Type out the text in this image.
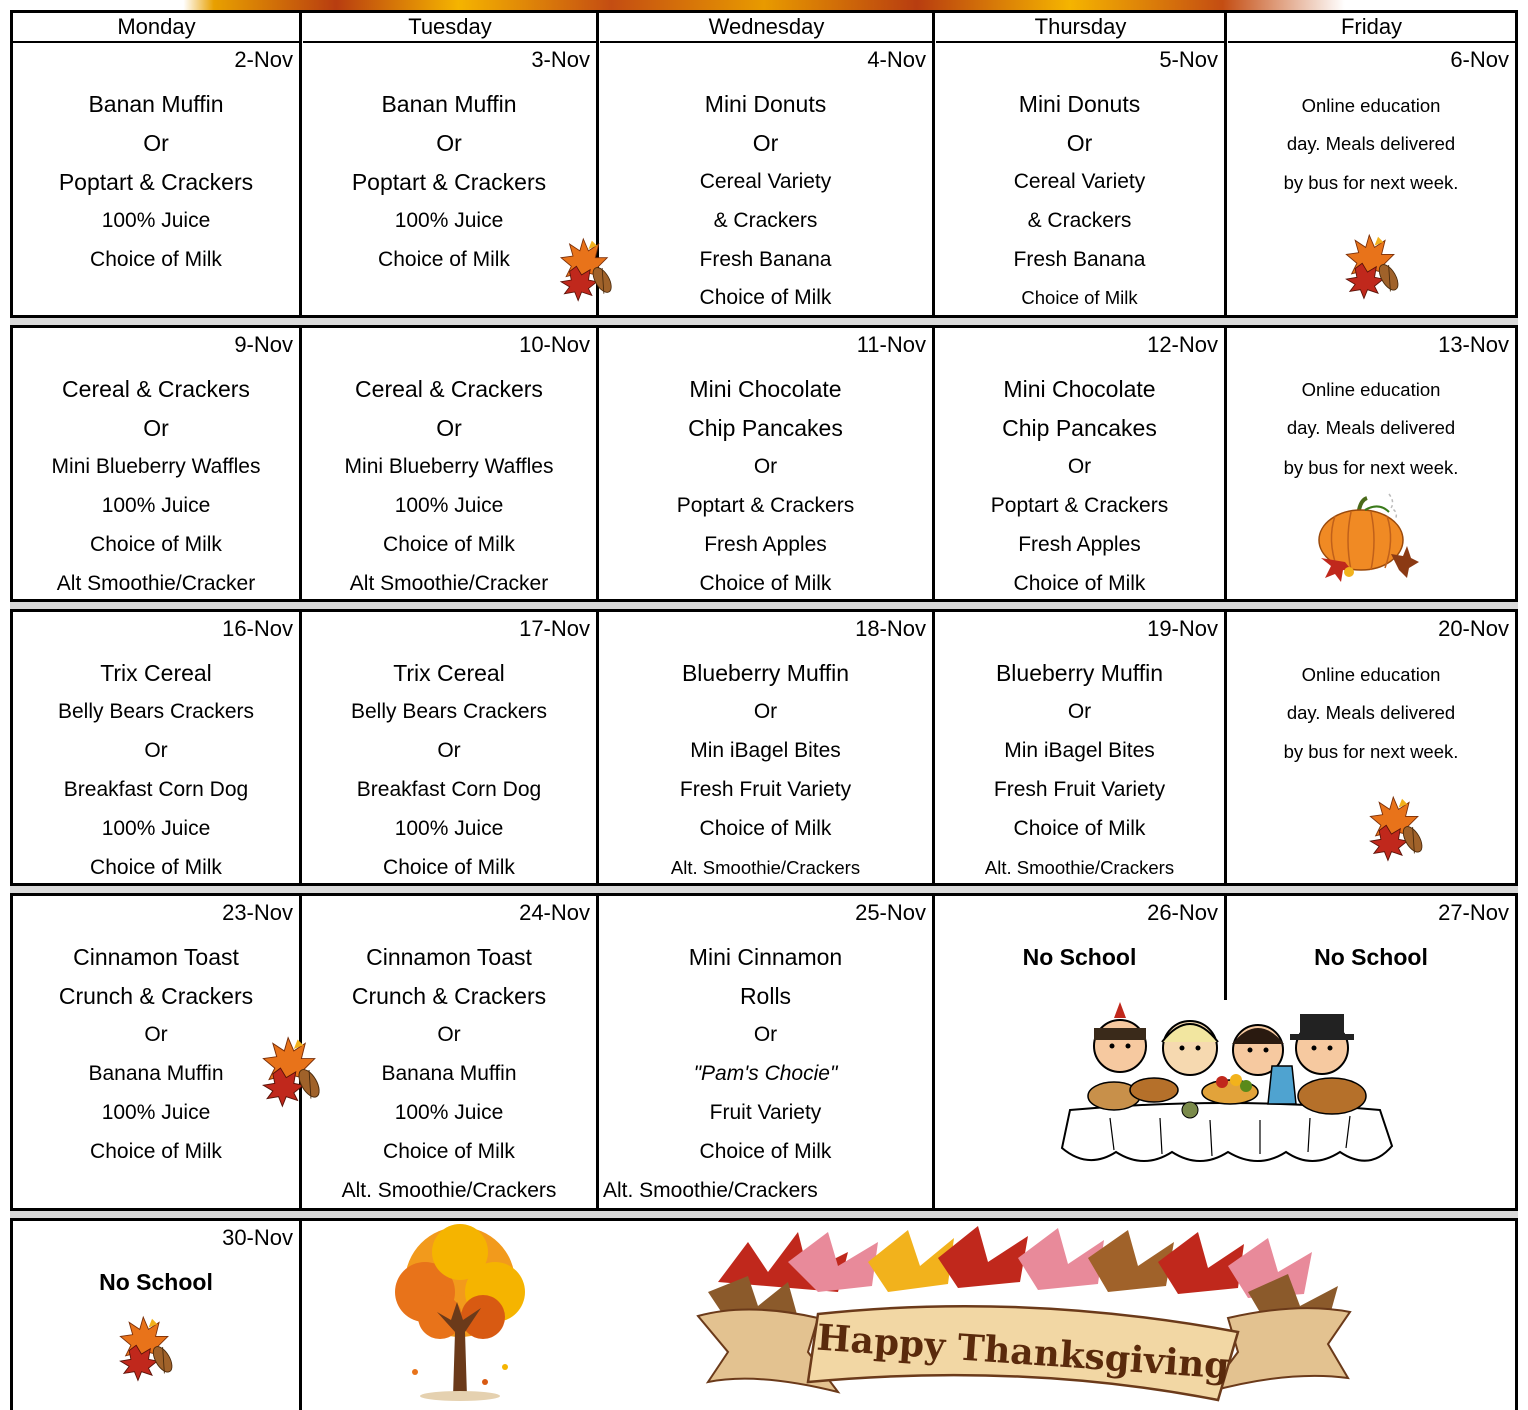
Monday	Tuesday	Wednesday	Thursday	Friday
2-Nov
Banan Muffin
Or
Poptart & Crackers
100% Juice
Choice of Milk
3-Nov
Banan Muffin
Or
Poptart & Crackers
100% Juice
Choice of Milk
4-Nov
Mini Donuts
Or
Cereal Variety
& Crackers
Fresh Banana
Choice of Milk
5-Nov
Mini Donuts
Or
Cereal Variety
& Crackers
Fresh Banana
Choice of Milk
6-Nov
Online education
day. Meals delivered
by bus for next week.
9-Nov
Cereal & Crackers
Or
Mini Blueberry Waffles
100% Juice
Choice of Milk
Alt Smoothie/Cracker
10-Nov
Cereal & Crackers
Or
Mini Blueberry Waffles
100% Juice
Choice of Milk
Alt Smoothie/Cracker
11-Nov
Mini Chocolate
Chip Pancakes
Or
Poptart & Crackers
Fresh Apples
Choice of Milk
12-Nov
Mini Chocolate
Chip Pancakes
Or
Poptart & Crackers
Fresh Apples
Choice of Milk
13-Nov
Online education
day. Meals delivered
by bus for next week.
16-Nov
Trix Cereal
Belly Bears Crackers
Or
Breakfast Corn Dog
100% Juice
Choice of Milk
17-Nov
Trix Cereal
Belly Bears Crackers
Or
Breakfast Corn Dog
100% Juice
Choice of Milk
18-Nov
Blueberry Muffin
Or
Min iBagel Bites
Fresh Fruit Variety
Choice of Milk
Alt. Smoothie/Crackers
19-Nov
Blueberry Muffin
Or
Min iBagel Bites
Fresh Fruit Variety
Choice of Milk
Alt. Smoothie/Crackers
20-Nov
Online education
day. Meals delivered
by bus for next week.
23-Nov
Cinnamon Toast
Crunch & Crackers
Or
Banana Muffin
100% Juice
Choice of Milk
24-Nov
Cinnamon Toast
Crunch & Crackers
Or
Banana Muffin
100% Juice
Choice of Milk
Alt. Smoothie/Crackers
25-Nov
Mini Cinnamon
Rolls
Or
"Pam's Chocie"
Fruit Variety
Choice of Milk
Alt. Smoothie/Crackers
26-Nov
No School
27-Nov
No School
30-Nov
No School
Happy Thanksgiving
